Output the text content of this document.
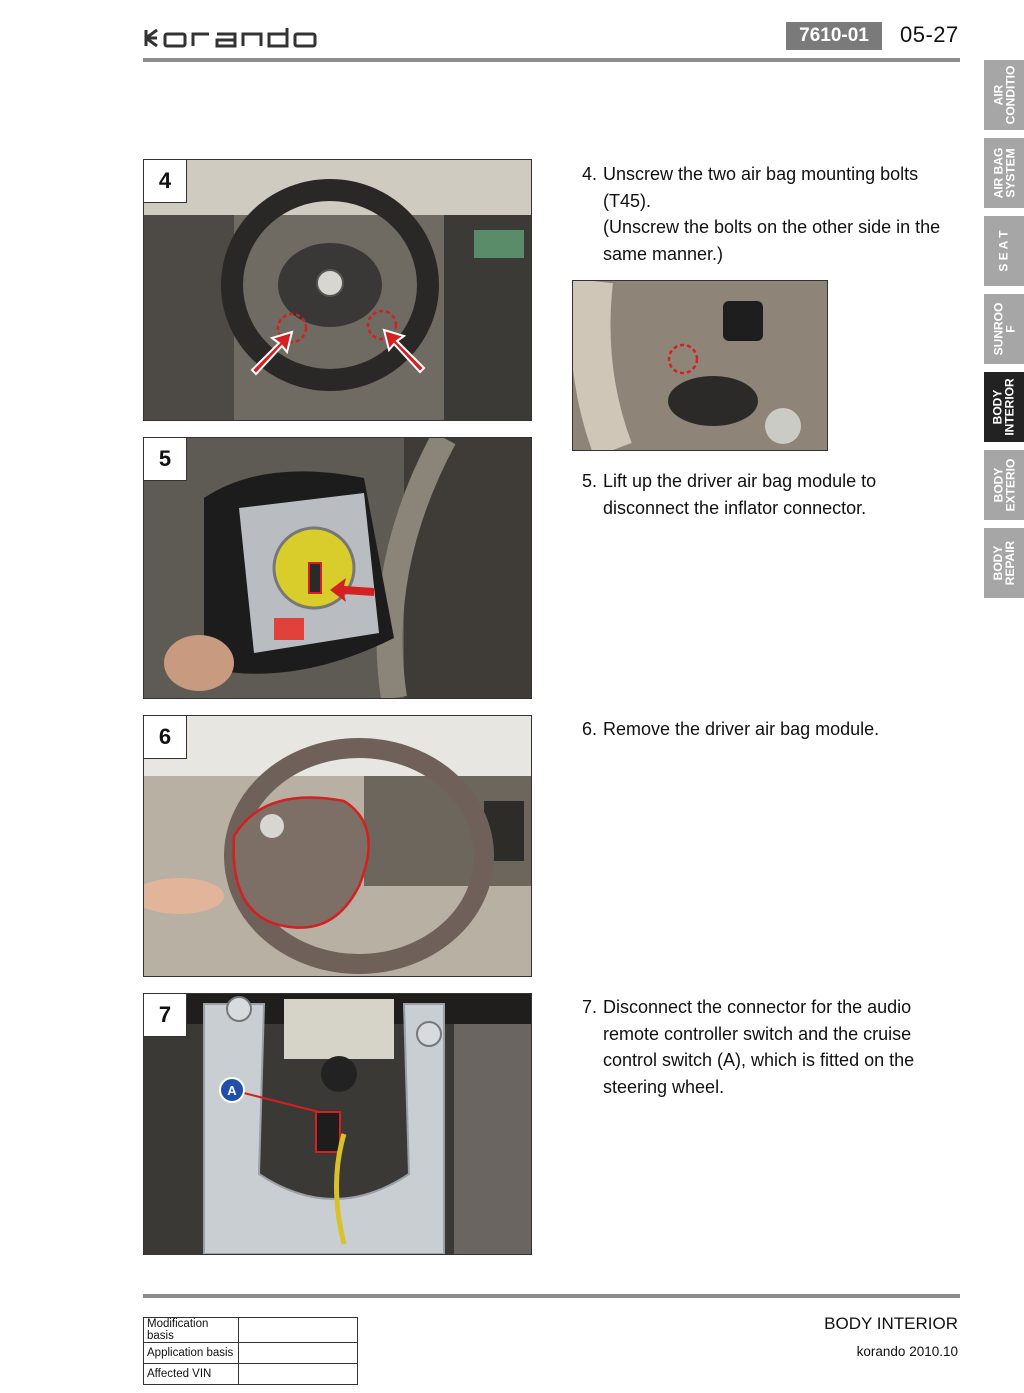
7610-01	05-27
AIR
CONDITIO
AIR BAG
SYSTEM
S E A T
SUNROO
F
BODY
INTERIOR
BODY
EXTERIO
BODY
REPAIR
4
5
6
A
7
4. Unscrew the two air bag mounting bolts (T45).
(Unscrew the bolts on the other side in the same manner.)
5. Lift up the driver air bag module to disconnect the inflator connector.
6. Remove the driver air bag module.
7. Disconnect the connector for the audio remote controller switch and the cruise control switch (A), which is fitted on the steering wheel.
Modification basis	
Application basis	
Affected VIN	
BODY INTERIOR
korando 2010.10
